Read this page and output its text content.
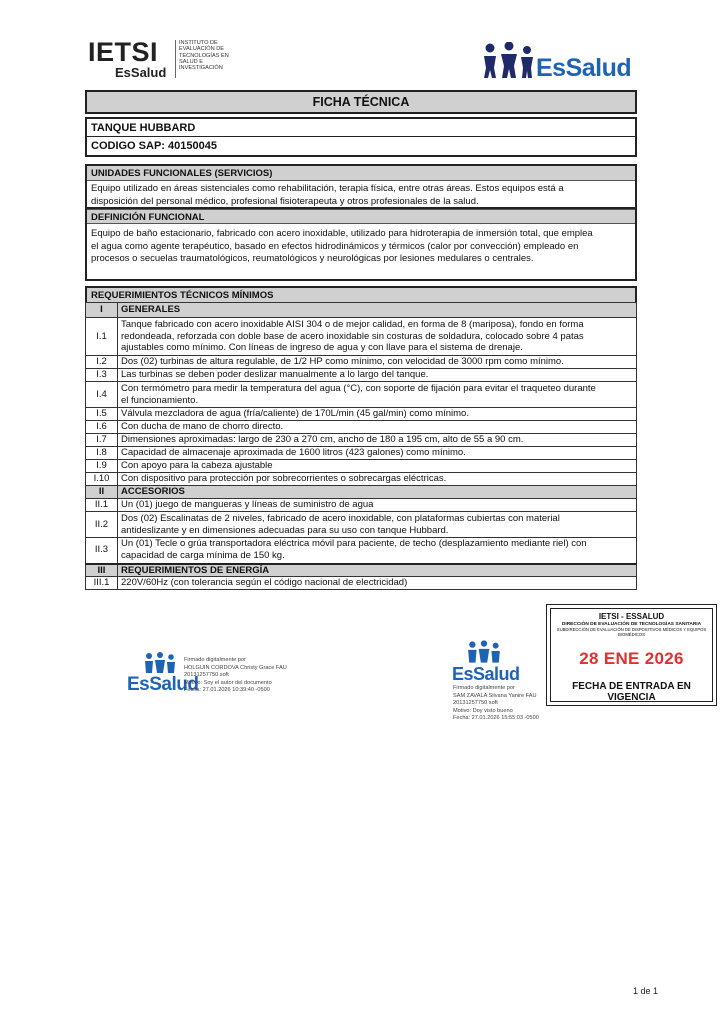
IETSI
EsSalud
INSTITUTO DE
EVALUACIÓN DE
TECNOLOGÍAS EN
SALUD E
INVESTIGACIÓN	EsSalud
FICHA TÉCNICA
TANQUE HUBBARD
CODIGO SAP: 40150045
UNIDADES FUNCIONALES (SERVICIOS)
Equipo utilizado en áreas sistenciales como rehabilitación, terapia física, entre otras áreas. Estos equipos está a
disposición del personal médico, profesional fisioterapeuta y otros profesionales de la salud.
DEFINICIÓN FUNCIONAL
Equipo de baño estacionario, fabricado con acero inoxidable, utilizado para hidroterapia de inmersión total, que emplea
el agua como agente terapéutico, basado en efectos hidrodinámicos y térmicos (calor por convección) empleado en
procesos o secuelas traumatológicos, reumatológicos y neurológicas por lesiones medulares o centrales.
REQUERIMIENTOS TÉCNICOS MÍNIMOS
I	GENERALES
I.1	Tanque fabricado con acero inoxidable AISI 304 o de mejor calidad, en forma de 8 (mariposa), fondo en forma
redondeada, reforzada con doble base de acero inoxidable sin costuras de soldadura, colocado sobre 4 patas
ajustables como mínimo. Con líneas de ingreso de agua y con llave para el sistema de drenaje.

I.2	Dos (02) turbinas de altura regulable, de 1/2 HP como mínimo, con velocidad de 3000 rpm como mínimo.
I.3	Las turbinas se deben poder deslizar manualmente a lo largo del tanque.
I.4	Con termómetro para medir la temperatura del agua (°C), con soporte de fijación para evitar el traqueteo durante
el funcionamiento.

I.5	Válvula mezcladora de agua (fría/caliente) de 170L/min (45 gal/min) como mínimo.
I.6	Con ducha de mano de chorro directo.
I.7	Dimensiones aproximadas: largo de 230 a 270 cm, ancho de 180 a 195 cm, alto de 55 a 90 cm.
I.8	Capacidad de almacenaje aproximada de 1600 litros (423 galones) como mínimo.
I.9	Con apoyo para la cabeza ajustable
I.10	Con dispositivo para protección por sobrecorrientes o sobrecargas eléctricas.
II	ACCESORIOS
II.1	Un (01) juego de mangueras y líneas de suministro de agua
II.2	Dos (02) Escalinatas de 2 niveles, fabricado de acero inoxidable, con plataformas cubiertas con material
antideslizante y en dimensiones adecuadas para su uso con tanque Hubbard.

II.3	Un (01) Tecle o grúa transportadora eléctrica móvil para paciente, de techo (desplazamiento mediante riel) con
capacidad de carga mínima de 150 kg.

III	REQUERIMIENTOS DE ENERGÍA
III.1	220V/60Hz (con tolerancia según el código nacional de electricidad)
EsSalud
Firmado digitalmente por
HOLGUIN CORDOVA Christy Grace FAU
20131257750 soft
Motivo: Soy el autor del documento
Fecha: 27.01.2026 10:39:40 -0500
EsSalud
Firmado digitalmente por
SAM ZAVALA Silvana Yanire FAU
20131257750 soft
Motivo: Doy visto bueno
Fecha: 27.01.2026 15:55:03 -0500
IETSI - ESSALUD
DIRECCIÓN DE EVALUACIÓN DE TECNOLOGÍAS SANITARIA
SUBDIRECCIÓN DE EVALUACIÓN DE DISPOSITIVOS MÉDICOS Y EQUIPOS BIOMÉDICOS
28 ENE 2026
FECHA DE ENTRADA EN VIGENCIA
1 de 1
